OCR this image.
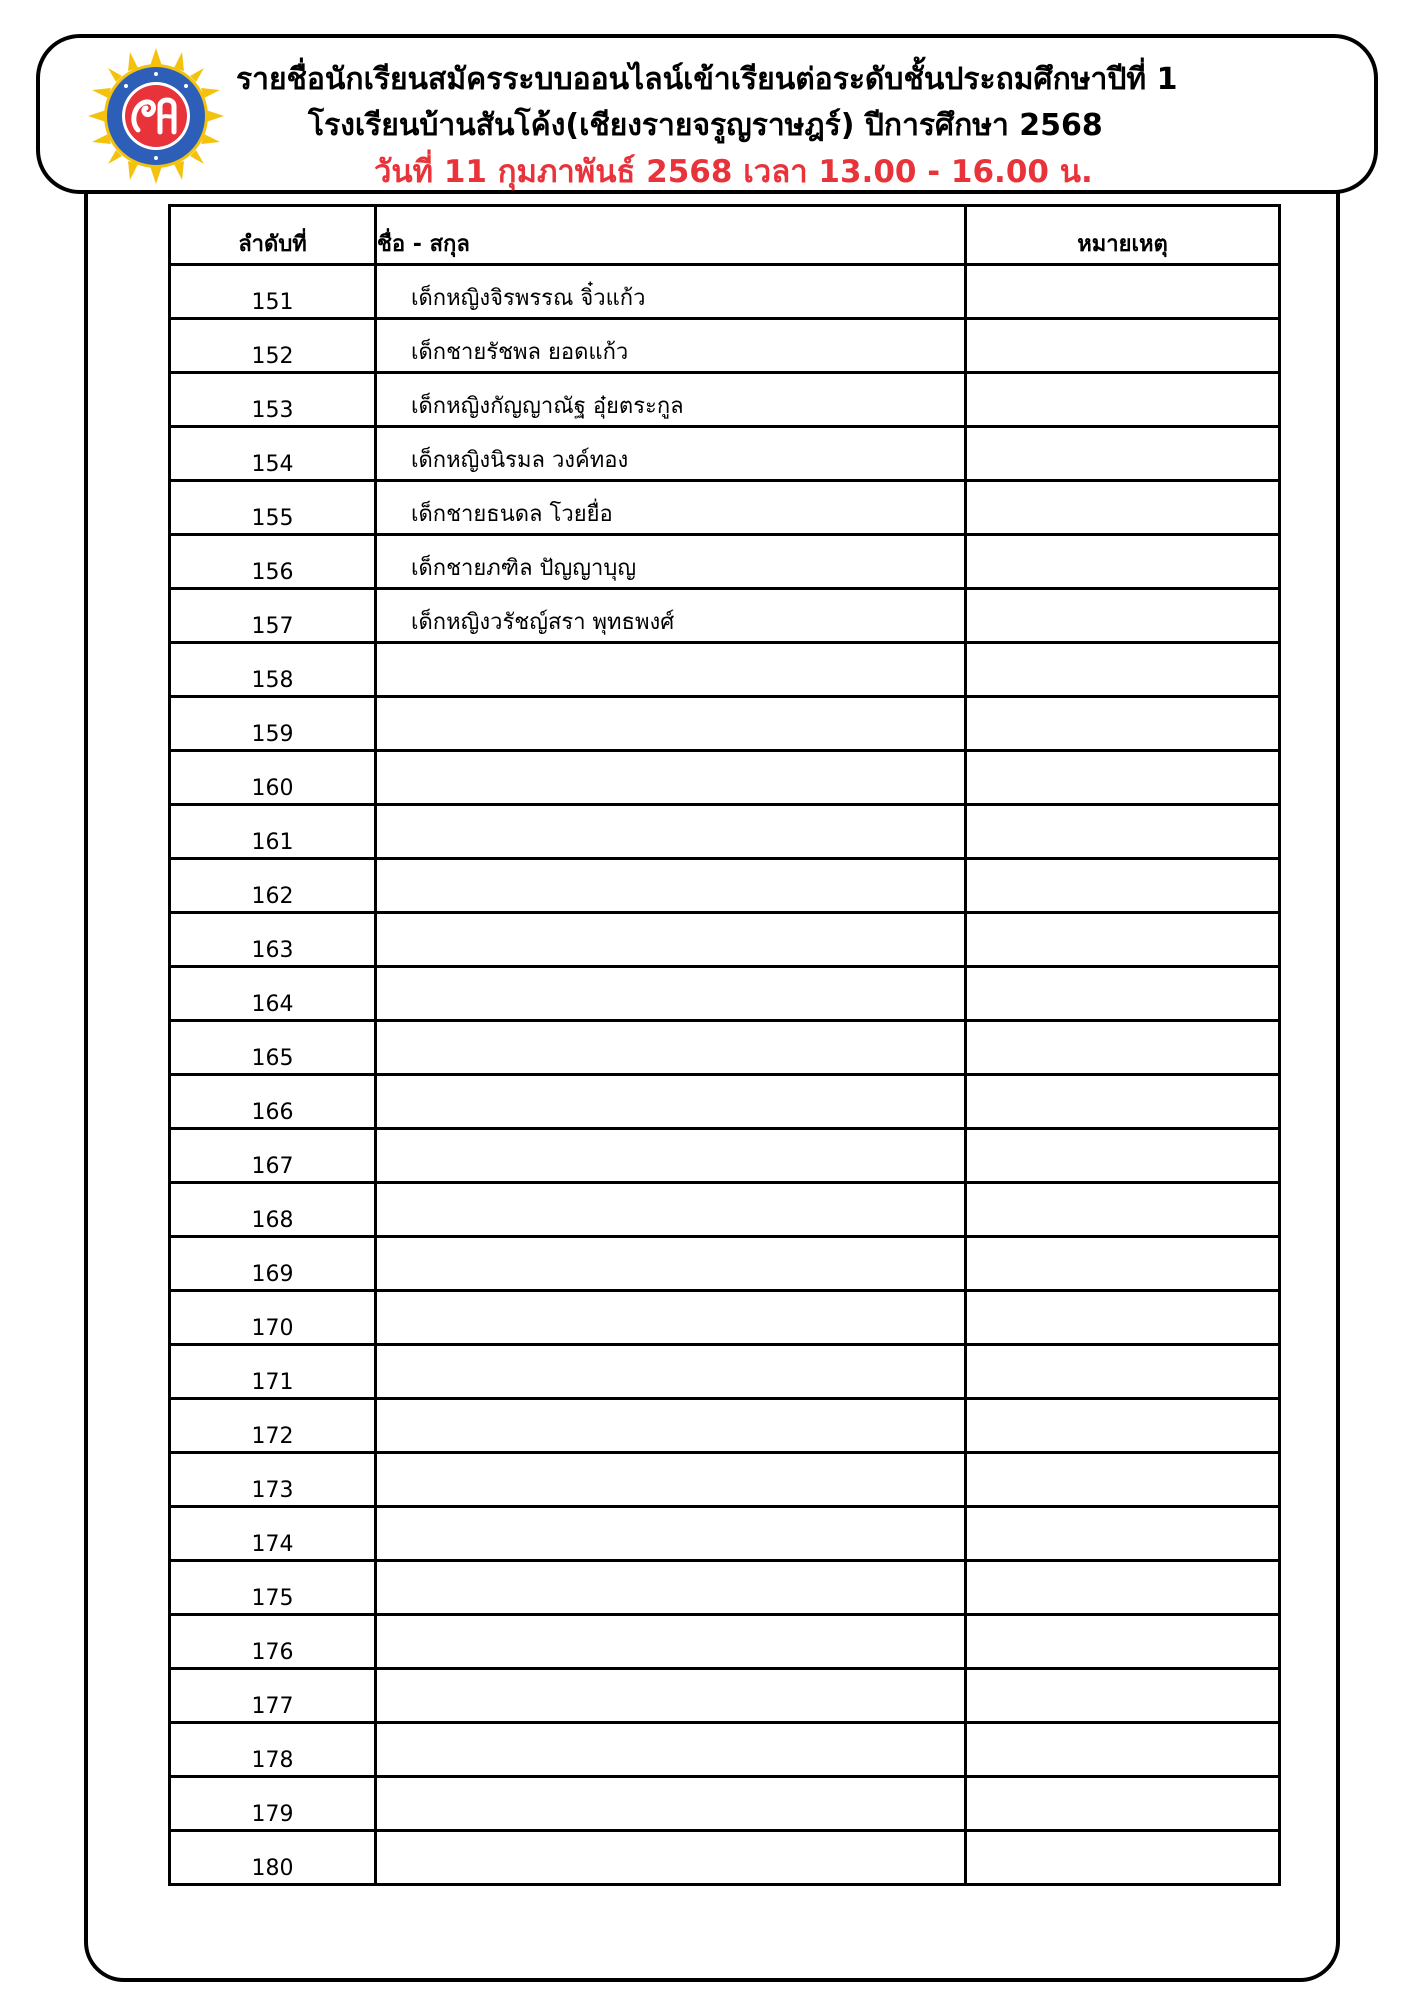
รายชื่อนักเรียนสมัครระบบออนไลน์เข้าเรียนต่อระดับชั้นประถมศึกษาปีที่ 1
โรงเรียนบ้านสันโค้ง(เชียงรายจรูญราษฎร์) ปีการศึกษา 2568
วันที่ 11 กุมภาพันธ์ 2568 เวลา 13.00 - 16.00 น.
ลำดับที่	ชื่อ - สกุล	หมายเหตุ
151	เด็กหญิงจิรพรรณ จิ๋วแก้ว	
152	เด็กชายรัชพล ยอดแก้ว	
153	เด็กหญิงกัญญาณัฐ อุ๋ยตระกูล	
154	เด็กหญิงนิรมล วงค์ทอง	
155	เด็กชายธนดล โวยยื่อ	
156	เด็กชายภฑิล ปัญญาบุญ	
157	เด็กหญิงวรัชญ์สรา พุทธพงศ์	
158		
159		
160		
161		
162		
163		
164		
165		
166		
167		
168		
169		
170		
171		
172		
173		
174		
175		
176		
177		
178		
179		
180		
